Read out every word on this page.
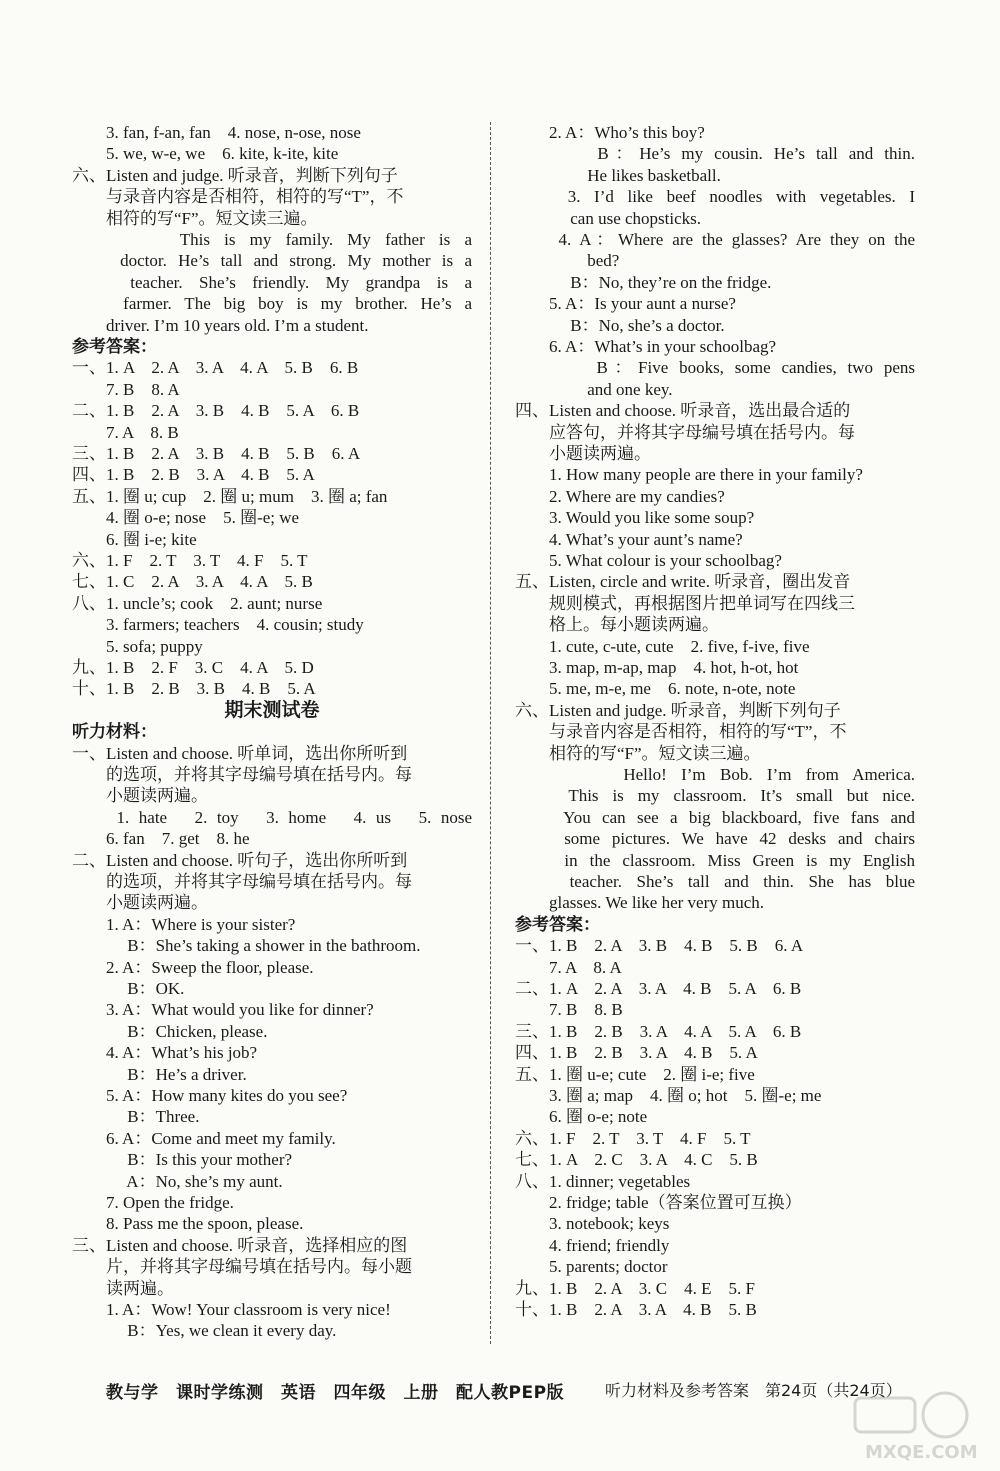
　　3. fan, f-an, fan　4. nose, n-ose, nose
　　5. we, w-e, we　6. kite, k-ite, kite
六、Listen and judge. 听录音，判断下列句子
　　与录音内容是否相符，相符的写“T”，不
　　相符的写“F”。短文读三遍。
　　　　This is my family. My father is a
　　doctor. He’s tall and strong. My mother is a
　　teacher. She’s friendly. My grandpa is a
　　farmer. The big boy is my brother. He’s a
　　driver. I’m 10 years old. I’m a student.
参考答案：
一、1. A　2. A　3. A　4. A　5. B　6. B
　　7. B　8. A
二、1. B　2. A　3. B　4. B　5. A　6. B
　　7. A　8. B
三、1. B　2. A　3. B　4. B　5. B　6. A
四、1. B　2. B　3. A　4. B　5. A
五、1. 圈 u; cup　2. 圈 u; mum　3. 圈 a; fan
　　4. 圈 o-e; nose　5. 圈-e; we
　　6. 圈 i-e; kite
六、1. F　2. T　3. T　4. F　5. T
七、1. C　2. A　3. A　4. A　5. B
八、1. uncle’s; cook　2. aunt; nurse
　　3. farmers; teachers　4. cousin; study
　　5. sofa; puppy
九、1. B　2. F　3. C　4. A　5. D
十、1. B　2. B　3. B　4. B　5. A
期末测试卷
听力材料：
一、Listen and choose. 听单词，选出你所听到
　　的选项，并将其字母编号填在括号内。每
　　小题读两遍。
　　1. hate　2. toy　3. home　4. us　5. nose
　　6. fan　7. get　8. he
二、Listen and choose. 听句子，选出你所听到
　　的选项，并将其字母编号填在括号内。每
　　小题读两遍。
　　1. A：Where is your sister?
　　　 B：She’s taking a shower in the bathroom.
　　2. A：Sweep the floor, please.
　　　 B：OK.
　　3. A：What would you like for dinner?
　　　 B：Chicken, please.
　　4. A：What’s his job?
　　　 B：He’s a driver.
　　5. A：How many kites do you see?
　　　 B：Three.
　　6. A：Come and meet my family.
　　　 B：Is this your mother?
　　　 A：No, she’s my aunt.
　　7. Open the fridge.
　　8. Pass me the spoon, please.
三、Listen and choose. 听录音，选择相应的图
　　片，并将其字母编号填在括号内。每小题
　　读两遍。
　　1. A：Wow! Your classroom is very nice!
　　　 B：Yes, we clean it every day.
　　2. A：Who’s this boy?
　　　 B：He’s my cousin. He’s tall and thin.
　　　　 He likes basketball.
　　3. I’d like beef noodles with vegetables. I
　　　 can use chopsticks.
　　4. A：Where are the glasses? Are they on the
　　　　 bed?
　　　 B：No, they’re on the fridge.
　　5. A：Is your aunt a nurse?
　　　 B：No, she’s a doctor.
　　6. A：What’s in your schoolbag?
　　　 B：Five books, some candies, two pens
　　　　 and one key.
四、Listen and choose. 听录音，选出最合适的
　　应答句，并将其字母编号填在括号内。每
　　小题读两遍。
　　1. How many people are there in your family?
　　2. Where are my candies?
　　3. Would you like some soup?
　　4. What’s your aunt’s name?
　　5. What colour is your schoolbag?
五、Listen, circle and write. 听录音，圈出发音
　　规则模式，再根据图片把单词写在四线三
　　格上。每小题读两遍。
　　1. cute, c-ute, cute　2. five, f-ive, five
　　3. map, m-ap, map　4. hot, h-ot, hot
　　5. me, m-e, me　6. note, n-ote, note
六、Listen and judge. 听录音，判断下列句子
　　与录音内容是否相符，相符的写“T”，不
　　相符的写“F”。短文读三遍。
　　　　Hello! I’m Bob. I’m from America.
　　This is my classroom. It’s small but nice.
　　You can see a big blackboard, five fans and
　　some pictures. We have 42 desks and chairs
　　in the classroom. Miss Green is my English
　　teacher. She’s tall and thin. She has blue
　　glasses. We like her very much.
参考答案：
一、1. B　2. A　3. B　4. B　5. B　6. A
　　7. A　8. A
二、1. A　2. A　3. A　4. B　5. A　6. B
　　7. B　8. B
三、1. B　2. B　3. A　4. A　5. A　6. B
四、1. B　2. B　3. A　4. B　5. A
五、1. 圈 u-e; cute　2. 圈 i-e; five
　　3. 圈 a; map　4. 圈 o; hot　5. 圈-e; me
　　6. 圈 o-e; note
六、1. F　2. T　3. T　4. F　5. T
七、1. A　2. C　3. A　4. C　5. B
八、1. dinner; vegetables
　　2. fridge; table（答案位置可互换）
　　3. notebook; keys
　　4. friend; friendly
　　5. parents; doctor
九、1. B　2. A　3. C　4. E　5. F
十、1. B　2. A　3. A　4. B　5. B
教与学　课时学练测　英语　四年级　上册　配人教PEP版	听力材料及参考答案　第24页（共24页）
MXQE.COM
